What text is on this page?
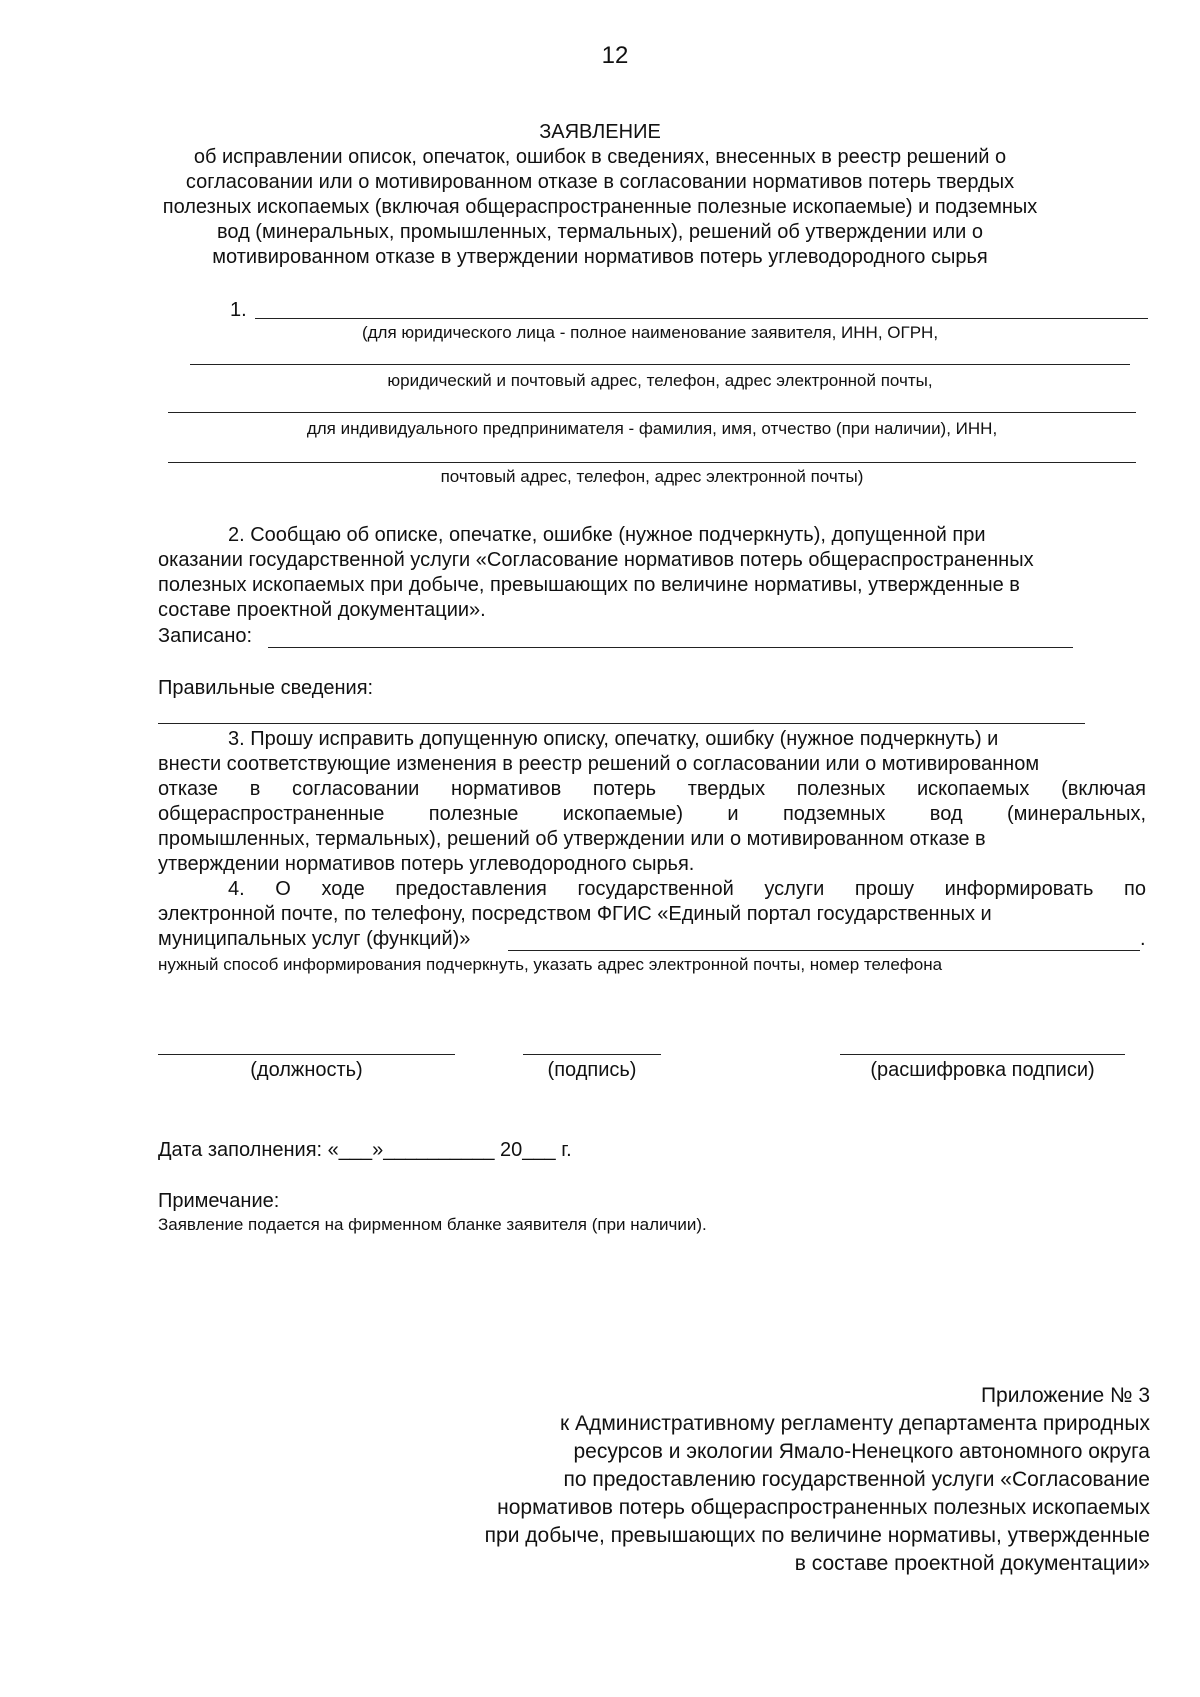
12
ЗАЯВЛЕНИЕ
об исправлении описок, опечаток, ошибок в сведениях, внесенных в реестр решений о
согласовании или о мотивированном отказе в согласовании нормативов потерь твердых
полезных ископаемых (включая общераспространенные полезные ископаемые) и подземных
вод (минеральных, промышленных, термальных), решений об утверждении или о
мотивированном отказе в утверждении нормативов потерь углеводородного сырья
1.
(для юридического лица - полное наименование заявителя, ИНН, ОГРН,
юридический и почтовый адрес, телефон, адрес электронной почты,
для индивидуального предпринимателя - фамилия, имя, отчество (при наличии), ИНН,
почтовый адрес, телефон, адрес электронной почты)
2. Сообщаю об описке, опечатке, ошибке (нужное подчеркнуть), допущенной при
оказании государственной услуги «Согласование нормативов потерь общераспространенных
полезных ископаемых при добыче, превышающих по величине нормативы, утвержденные в
составе проектной документации».
Записано:
Правильные сведения:
3. Прошу исправить допущенную описку, опечатку, ошибку (нужное подчеркнуть) и
внести соответствующие изменения в реестр решений о согласовании или о мотивированном
отказе в согласовании нормативов потерь твердых полезных ископаемых (включая
общераспространенные полезные ископаемые) и подземных вод (минеральных,
промышленных, термальных), решений об утверждении или о мотивированном отказе в
утверждении нормативов потерь углеводородного сырья.
4. О ходе предоставления государственной услуги прошу информировать по
электронной почте, по телефону, посредством ФГИС «Единый портал государственных и
муниципальных услуг (функций)»	.
нужный способ информирования подчеркнуть, указать адрес электронной почты, номер телефона
(должность)	(подпись)	(расшифровка подписи)
Дата заполнения: «___»__________ 20___ г.
Примечание:
Заявление подается на фирменном бланке заявителя (при наличии).
Приложение № 3
к Административному регламенту департамента природных
ресурсов и экологии Ямало-Ненецкого автономного округа
по предоставлению государственной услуги «Согласование
нормативов потерь общераспространенных полезных ископаемых
при добыче, превышающих по величине нормативы, утвержденные
в составе проектной документации»
